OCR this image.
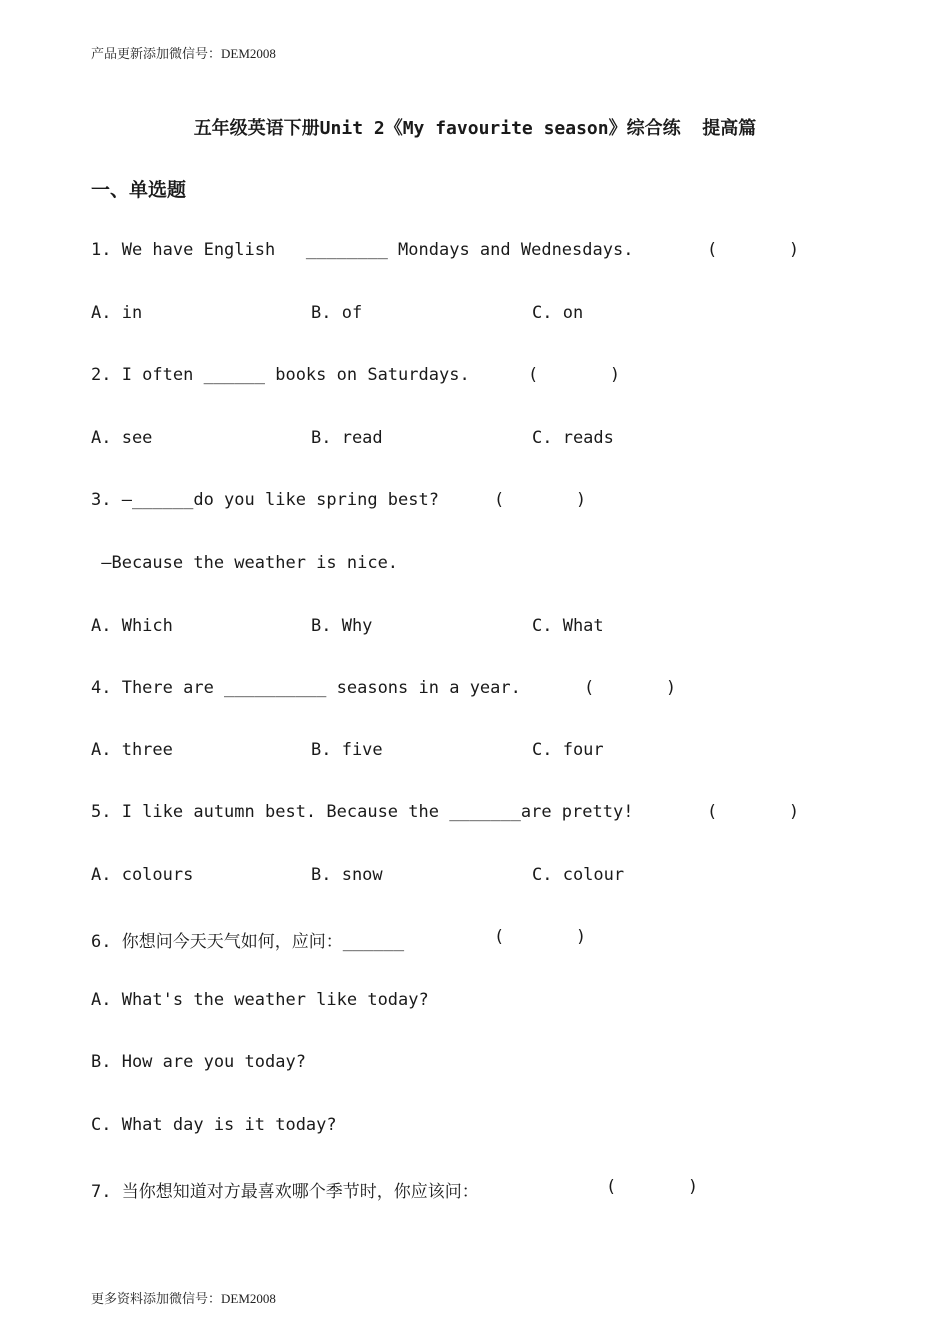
产品更新添加微信号：DEM2008
五年级英语下册Unit 2《My favourite season》综合练  提高篇
一、单选题
1. We have English   ________ Mondays and Wednesdays.	(       )
A. in	B. of	C. on
2. I often ______ books on Saturdays.	(       )
A. see	B. read	C. reads
3. —______do you like spring best?	(       )
—Because the weather is nice.
A. Which	B. Why	C. What
4. There are __________ seasons in a year.	(       )
A. three	B. five	C. four
5. I like autumn best. Because the _______are pretty!	(       )
A. colours	B. snow	C. colour
6. 你想问今天天气如何，应问：______	(       )
A. What's the weather like today?
B. How are you today?
C. What day is it today?
7. 当你想知道对方最喜欢哪个季节时，你应该问：	(       )
更多资料添加微信号：DEM2008
